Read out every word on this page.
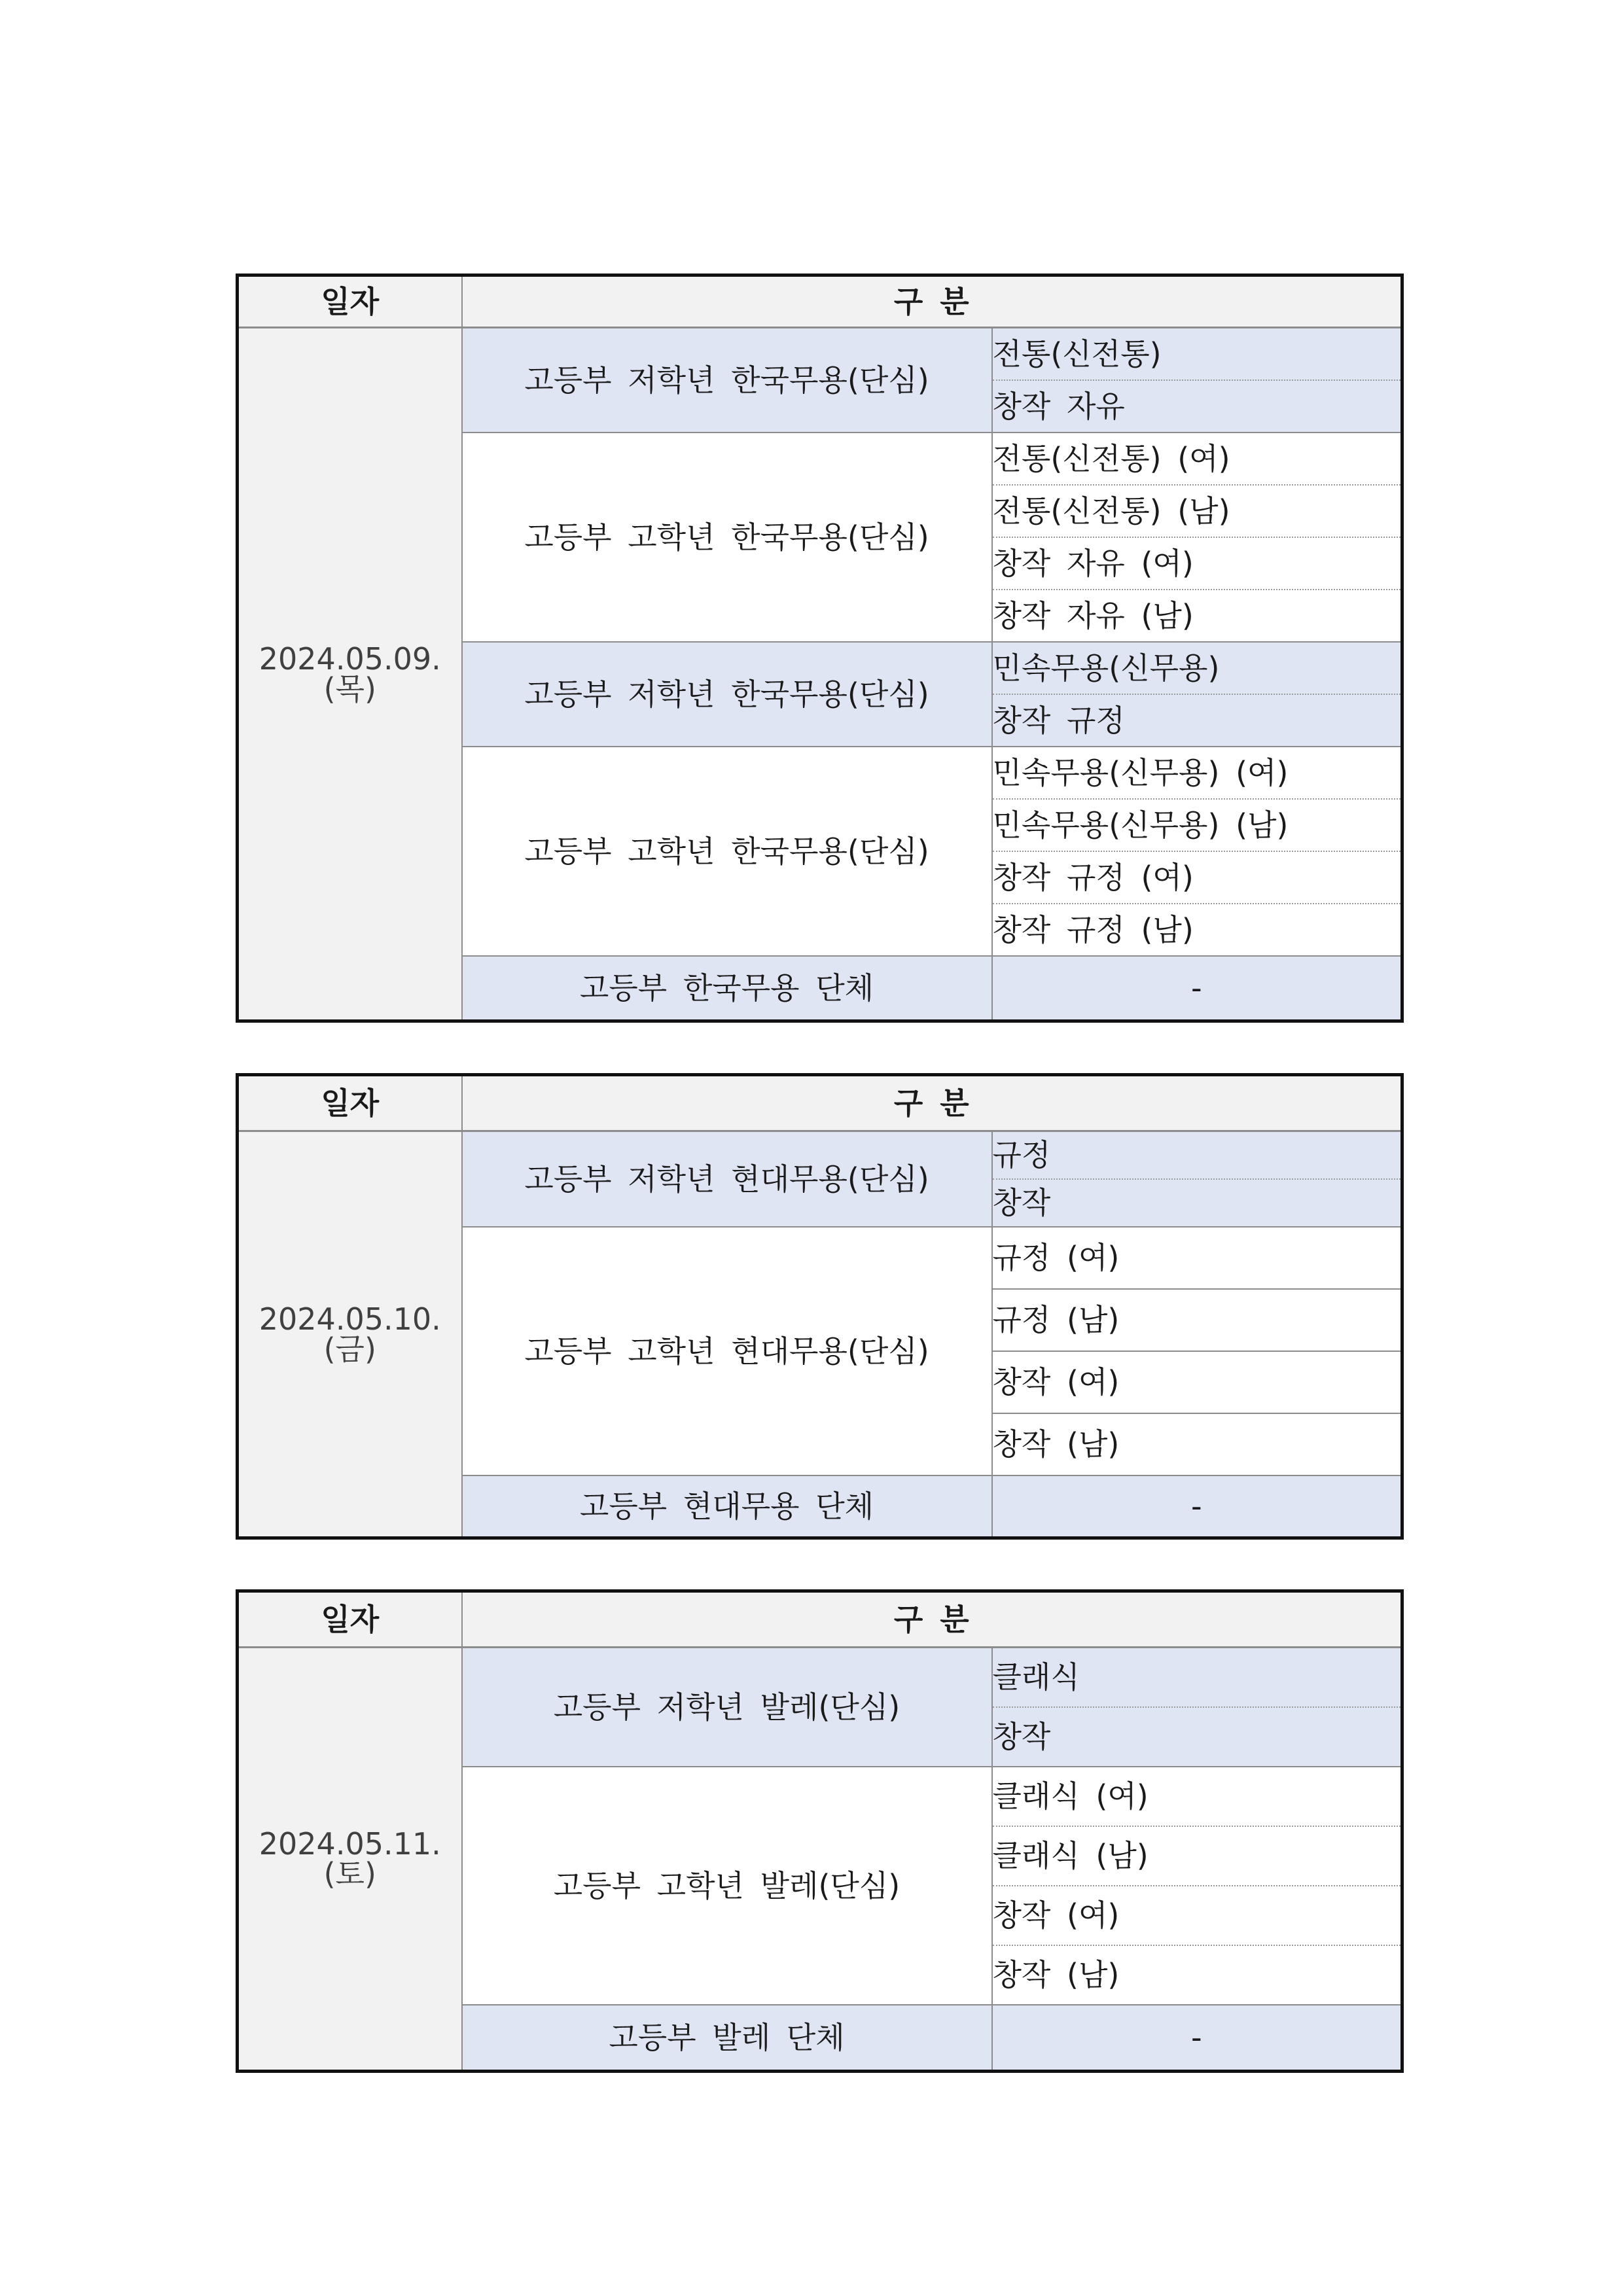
일자	구 분	

2024.05.09.
(목)	고등부 저학년 한국무용(단심)	전통(신전통)
		창작 자유
	고등부 고학년 한국무용(단심)	전통(신전통) (여)
		전통(신전통) (남)
		창작 자유 (여)
		창작 자유 (남)
	고등부 저학년 한국무용(단심)	민속무용(신무용)
		창작 규정
	고등부 고학년 한국무용(단심)	민속무용(신무용) (여)
		민속무용(신무용) (남)
		창작 규정 (여)
		창작 규정 (남)
	고등부 한국무용 단체	-
일자	구 분	

2024.05.10.
(금)	고등부 저학년 현대무용(단심)	규정
		창작
	고등부 고학년 현대무용(단심)	규정 (여)
		규정 (남)
		창작 (여)
		창작 (남)
	고등부 현대무용 단체	-
일자	구 분	

2024.05.11.
(토)	고등부 저학년 발레(단심)	클래식
		창작
	고등부 고학년 발레(단심)	클래식 (여)
		클래식 (남)
		창작 (여)
		창작 (남)
	고등부 발레 단체	-
